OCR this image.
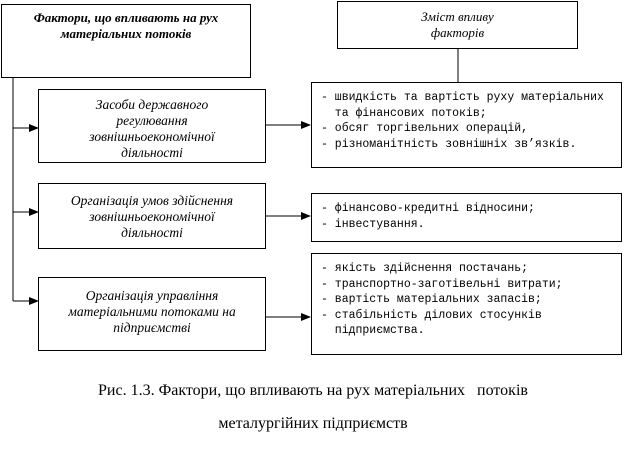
Фактори, що впливають на рух
матеріальних потоків
Зміст впливу
факторів
Засоби державного
регулювання
зовнішньоекономічної
діяльності
Організація умов здійснення
зовнішньоекономічної
діяльності
Організація управління
матеріальними потоками на
підприємстві
- швидкість та вартість руху матеріальних
та фінансових потоків;
- обсяг торгівельних операцій,
- різноманітність зовнішніх зв’язків.
- фінансово-кредитні відносини;
- інвестування.
- якість здійснення постачань;
- транспортно-заготівельні витрати;
- вартість матеріальних запасів;
- стабільність ділових стосунків
підприємства.
Рис. 1.3. Фактори, що впливають на рух матеріальних   потоків
металургійних підприємств
